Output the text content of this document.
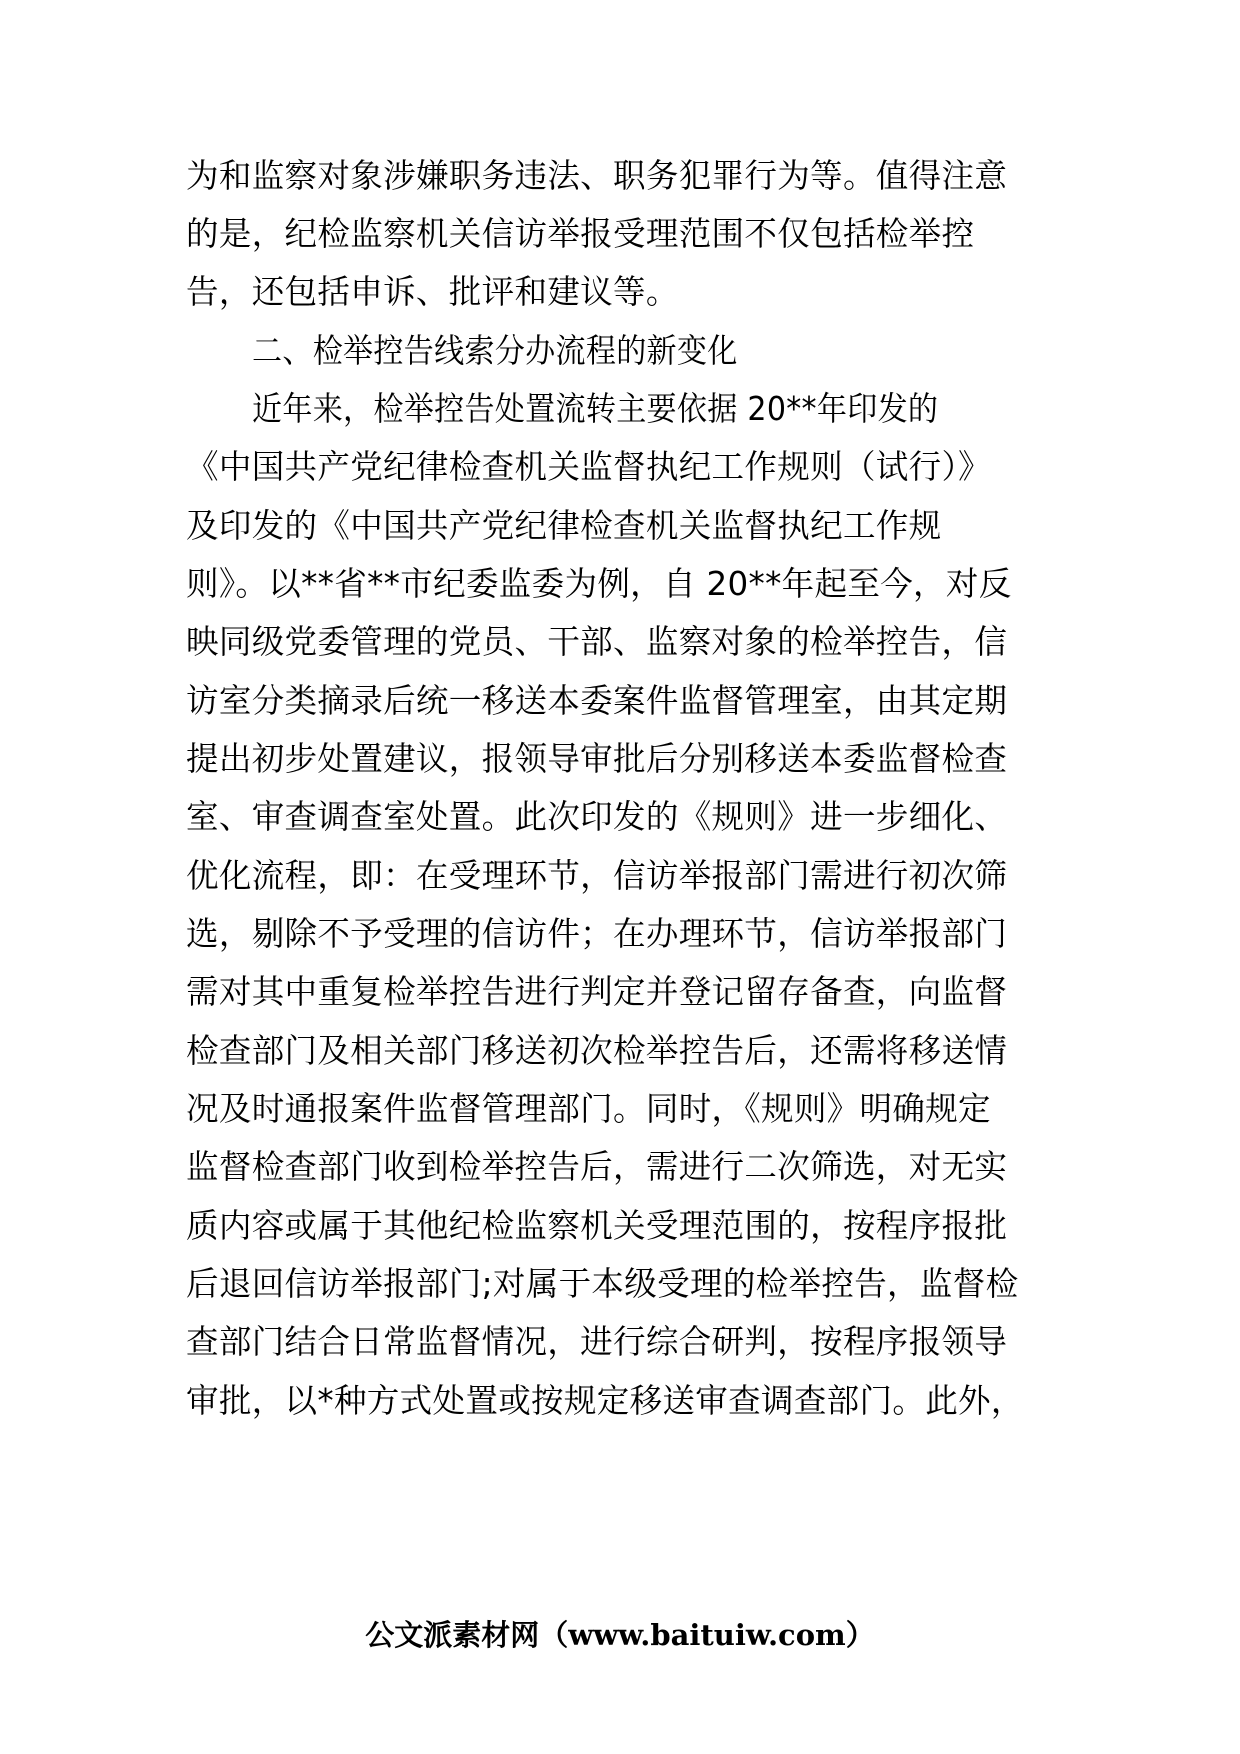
为和监察对象涉嫌职务违法、职务犯罪行为等。值得注意
的是，纪检监察机关信访举报受理范围不仅包括检举控
告，还包括申诉、批评和建议等。
二、检举控告线索分办流程的新变化
近年来，检举控告处置流转主要依据 20**年印发的
《中国共产党纪律检查机关监督执纪工作规则（试行）》
及印发的《中国共产党纪律检查机关监督执纪工作规
则》。以**省**市纪委监委为例，自 20**年起至今，对反
映同级党委管理的党员、干部、监察对象的检举控告，信
访室分类摘录后统一移送本委案件监督管理室，由其定期
提出初步处置建议，报领导审批后分别移送本委监督检查
室、审查调查室处置。此次印发的《规则》进一步细化、
优化流程，即：在受理环节，信访举报部门需进行初次筛
选，剔除不予受理的信访件；在办理环节，信访举报部门
需对其中重复检举控告进行判定并登记留存备查，向监督
检查部门及相关部门移送初次检举控告后，还需将移送情
况及时通报案件监督管理部门。同时，《规则》明确规定
监督检查部门收到检举控告后，需进行二次筛选，对无实
质内容或属于其他纪检监察机关受理范围的，按程序报批
后退回信访举报部门;对属于本级受理的检举控告，监督检
查部门结合日常监督情况，进行综合研判，按程序报领导
审批，以*种方式处置或按规定移送审查调查部门。此外，
公文派素材网（www.baituiw.com）
